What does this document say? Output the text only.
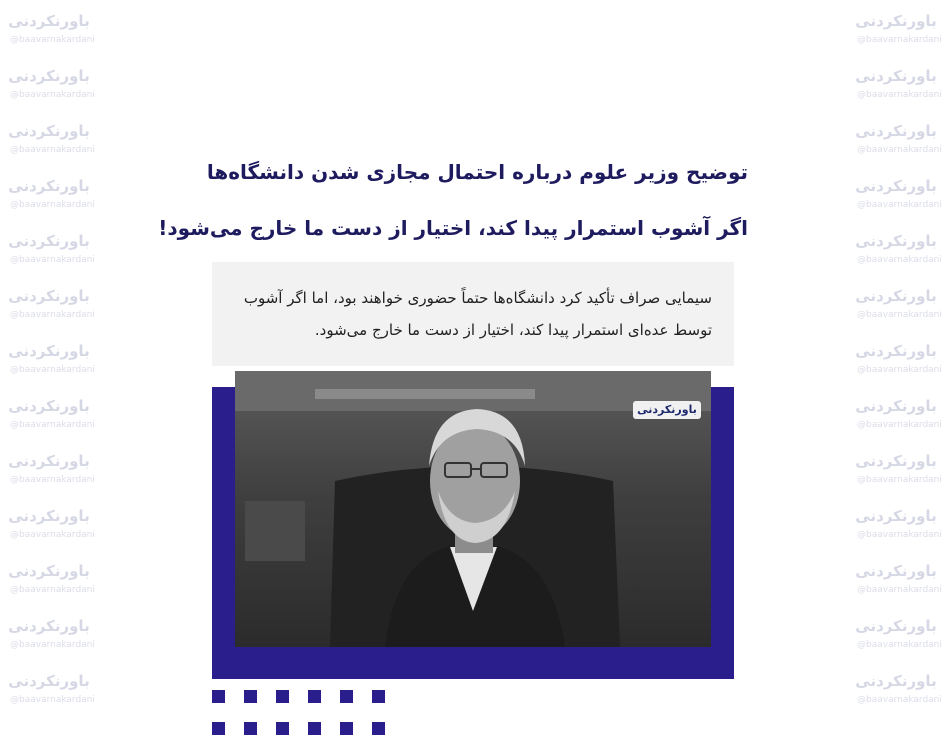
باورنکردنی
@baavarnakardani
باورنکردنی
@baavarnakardani
باورنکردنی
@baavarnakardani
باورنکردنی
@baavarnakardani
باورنکردنی
@baavarnakardani
باورنکردنی
@baavarnakardani
باورنکردنی
@baavarnakardani
باورنکردنی
@baavarnakardani
باورنکردنی
@baavarnakardani
باورنکردنی
@baavarnakardani
باورنکردنی
@baavarnakardani
باورنکردنی
@baavarnakardani
باورنکردنی
@baavarnakardani
باورنکردنی
@baavarnakardani
باورنکردنی
@baavarnakardani
باورنکردنی
@baavarnakardani
باورنکردنی
@baavarnakardani
باورنکردنی
@baavarnakardani
باورنکردنی
@baavarnakardani
باورنکردنی
@baavarnakardani
باورنکردنی
@baavarnakardani
باورنکردنی
@baavarnakardani
باورنکردنی
@baavarnakardani
باورنکردنی
@baavarnakardani
باورنکردنی
@baavarnakardani
باورنکردنی
@baavarnakardani
توضیح وزیر علوم درباره احتمال مجازی شدن دانشگاه‌ها
اگر آشوب استمرار پیدا کند، اختیار از دست ما خارج می‌شود!
سیمایی صراف تأکید کرد دانشگاه‌ها حتماً حضوری خواهند بود، اما اگر آشوب توسط عده‌ای استمرار پیدا کند، اختیار از دست ما خارج می‌شود.
باورنکردنی
